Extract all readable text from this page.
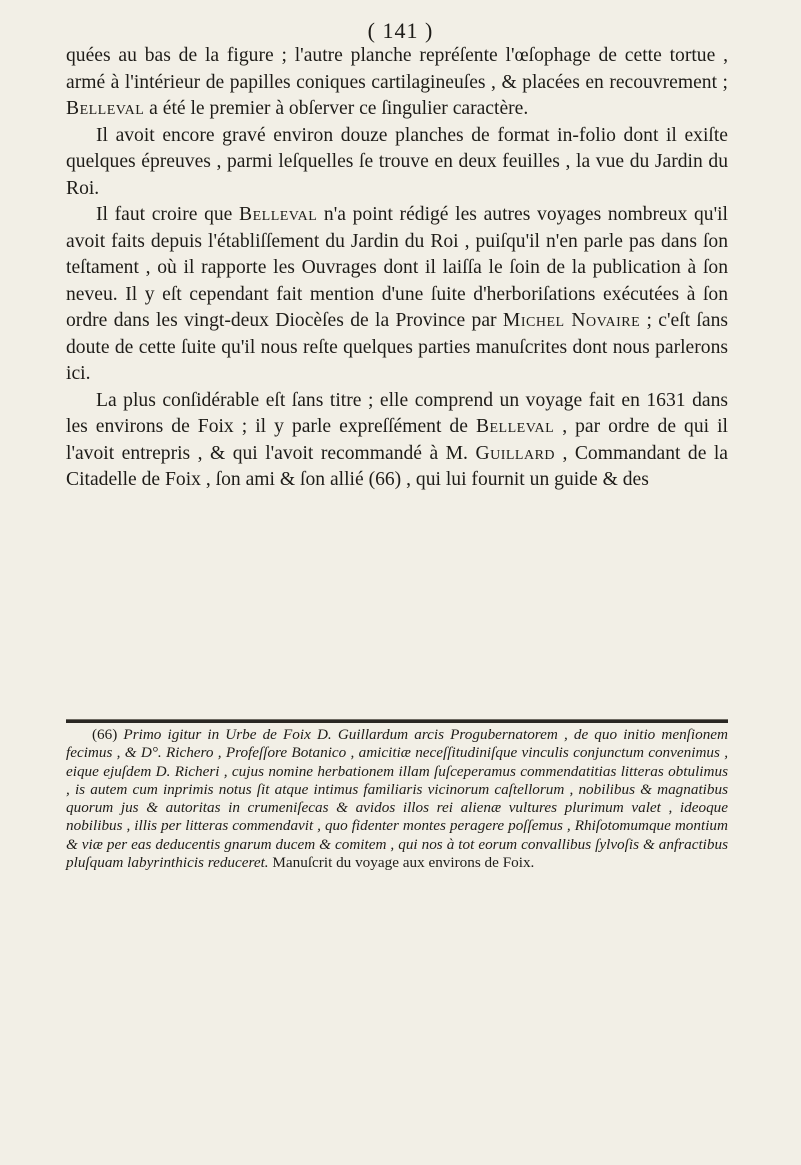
( 141 )

quées au bas de la figure ; l'autre planche repréſente l'œſophage de cette tortue , armé à l'intérieur de papilles coniques cartilagineuſes , & placées en recouvrement ; Belleval a été le premier à obſerver ce ſingulier caractère.

Il avoit encore gravé environ douze planches de format in-folio dont il exiſte quelques épreuves , parmi leſquelles ſe trouve en deux feuilles , la vue du Jardin du Roi.

Il faut croire que Belleval n'a point rédigé les autres voyages nombreux qu'il avoit faits depuis l'établiſſement du Jardin du Roi , puiſqu'il n'en parle pas dans ſon teſtament , où il rapporte les Ouvrages dont il laiſſa le ſoin de la publication à ſon neveu. Il y eſt cependant fait mention d'une ſuite d'herboriſations exécutées à ſon ordre dans les vingt-deux Diocèſes de la Province par Michel Novaire ; c'eſt ſans doute de cette ſuite qu'il nous reſte quelques parties manuſcrites dont nous parlerons ici.

La plus conſidérable eſt ſans titre ; elle comprend un voyage fait en 1631 dans les environs de Foix ; il y parle expreſſément de Belleval , par ordre de qui il l'avoit entrepris , & qui l'avoit recommandé à M. Guillard , Commandant de la Citadelle de Foix , ſon ami & ſon allié (66) , qui lui fournit un guide & des

(66) Primo igitur in Urbe de Foix D. Guillardum arcis Progubernatorem , de quo initio menſionem fecimus , & D°. Richero , Profeſſore Botanico , amicitiæ neceſſitudiniſque vinculis conjunctum convenimus , eique ejuſdem D. Richeri , cujus nomine herbationem illam ſuſceperamus commendatitias litteras obtulimus , is autem cum inprimis notus ſit atque intimus familiaris vicinorum caſtellorum , nobilibus & magnatibus quorum jus & autoritas in crumeniſecas & avidos illos rei alienæ vultures plurimum valet , ideoque nobilibus , illis per litteras commendavit , quo fidenter montes peragere poſſemus , Rhiſotomumque montium & viæ per eas deducentis gnarum ducem & comitem , qui nos à tot eorum convallibus ſylvoſis & anfractibus pluſquam labyrinthicis reduceret. Manuſcrit du voyage aux environs de Foix.
